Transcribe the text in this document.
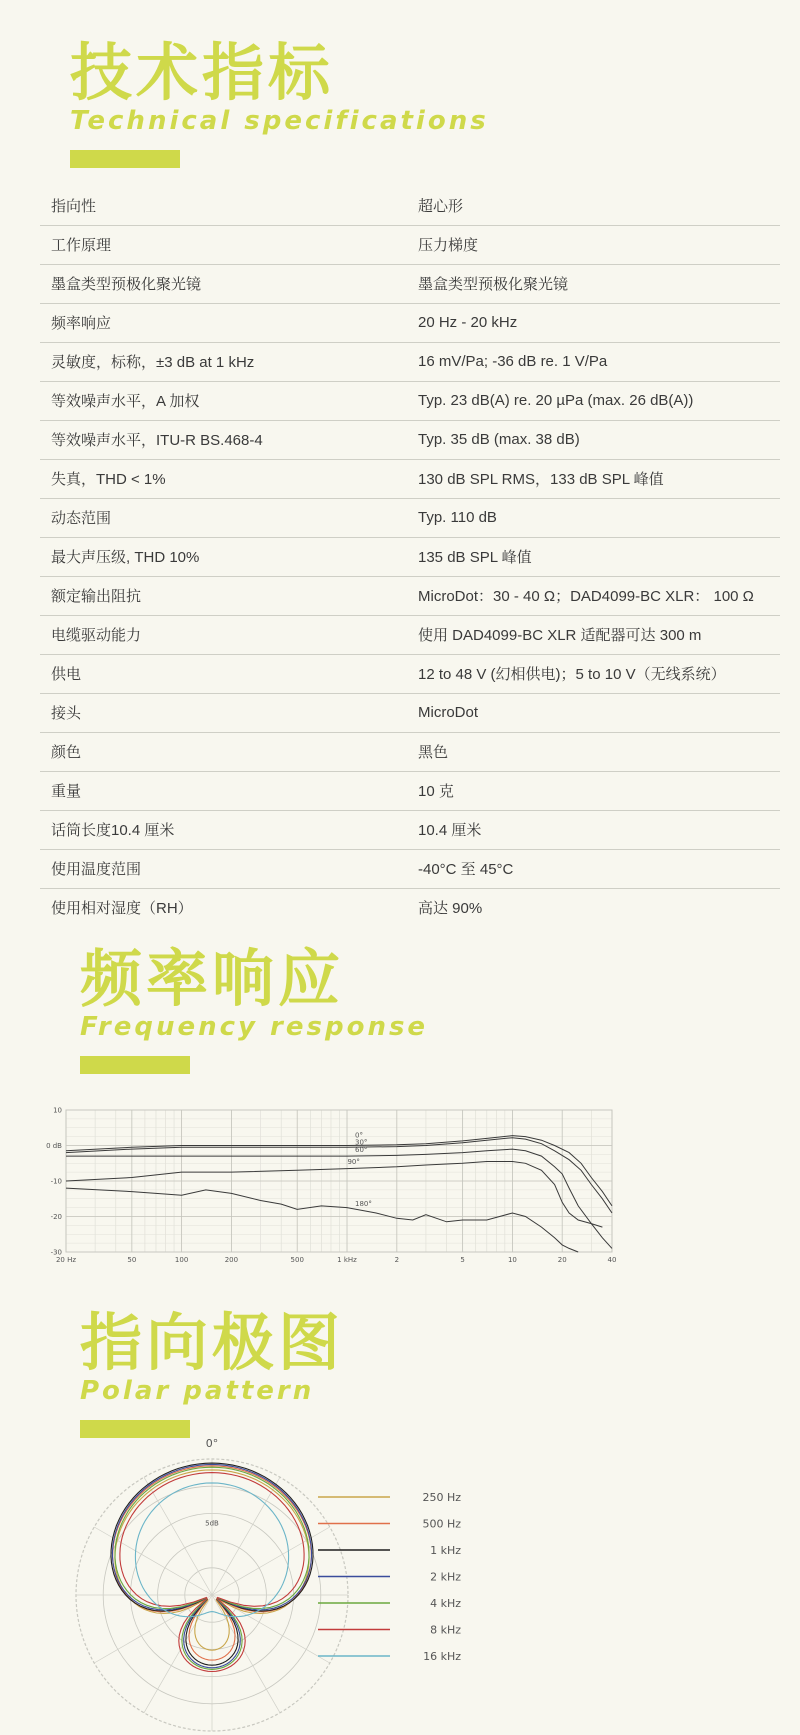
技术指标
Technical specifications
指向性	超心形
工作原理	压力梯度
墨盒类型预极化聚光镜	墨盒类型预极化聚光镜
频率响应	20 Hz - 20 kHz
灵敏度，标称，±3 dB at 1 kHz	16 mV/Pa; -36 dB re. 1 V/Pa
等效噪声水平，A 加权	Typ. 23 dB(A) re. 20 µPa (max. 26 dB(A))
等效噪声水平，ITU-R BS.468-4	Typ. 35 dB (max. 38 dB)
失真，THD < 1%	130 dB SPL RMS，133 dB SPL 峰值
动态范围	Typ. 110 dB
最大声压级, THD 10%	135 dB SPL 峰值
额定输出阻抗	MicroDot：30 - 40 Ω；DAD4099-BC XLR： 100 Ω
电缆驱动能力	使用 DAD4099-BC XLR 适配器可达 300 m
供电	12 to 48 V (幻相供电)；5 to 10 V（无线系统）
接头	MicroDot
颜色	黑色
重量	10 克
话筒长度10.4 厘米	10.4 厘米
使用温度范围	-40°C 至 45°C
使用相对湿度（RH）	高达 90%
频率响应
Frequency response
10
0 dB
-10
-20
-30
20 Hz	50	100	200	500	1 kHz	2	5	10	20	40
0°
30°
60°
90°
180°
指向极图
Polar pattern
0°
5dB
250 Hz
500 Hz
1 kHz
2 kHz
4 kHz
8 kHz
16 kHz
